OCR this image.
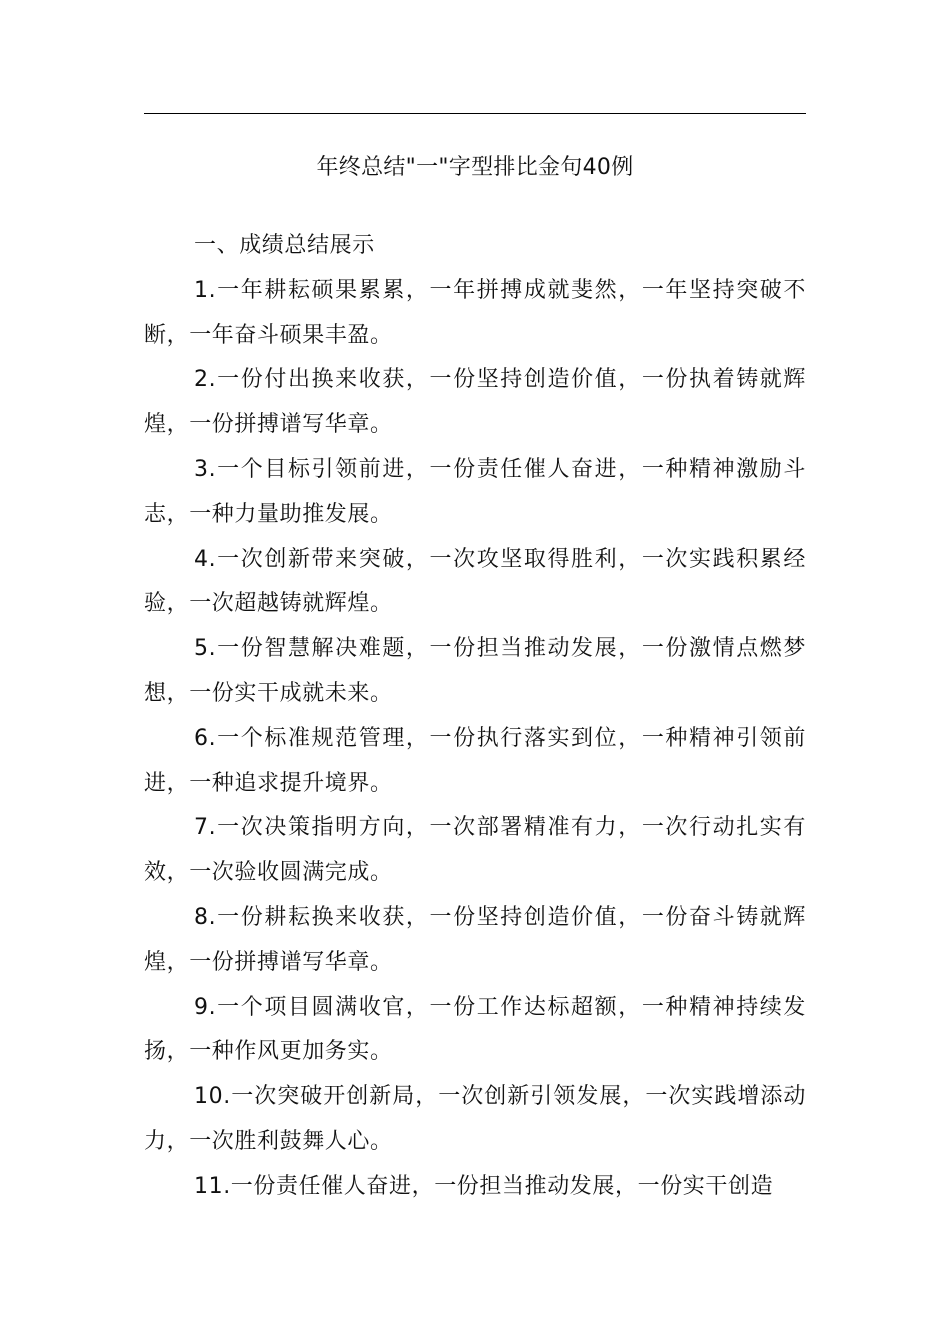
年终总结"一"字型排比金句40例

一、成绩总结展示

1.一年耕耘硕果累累，一年拼搏成就斐然，一年坚持突破不断，一年奋斗硕果丰盈。

2.一份付出换来收获，一份坚持创造价值，一份执着铸就辉煌，一份拼搏谱写华章。

3.一个目标引领前进，一份责任催人奋进，一种精神激励斗志，一种力量助推发展。

4.一次创新带来突破，一次攻坚取得胜利，一次实践积累经验，一次超越铸就辉煌。

5.一份智慧解决难题，一份担当推动发展，一份激情点燃梦想，一份实干成就未来。

6.一个标准规范管理，一份执行落实到位，一种精神引领前进，一种追求提升境界。

7.一次决策指明方向，一次部署精准有力，一次行动扎实有效，一次验收圆满完成。

8.一份耕耘换来收获，一份坚持创造价值，一份奋斗铸就辉煌，一份拼搏谱写华章。

9.一个项目圆满收官，一份工作达标超额，一种精神持续发扬，一种作风更加务实。

10.一次突破开创新局，一次创新引领发展，一次实践增添动力，一次胜利鼓舞人心。

11.一份责任催人奋进，一份担当推动发展，一份实干创造
